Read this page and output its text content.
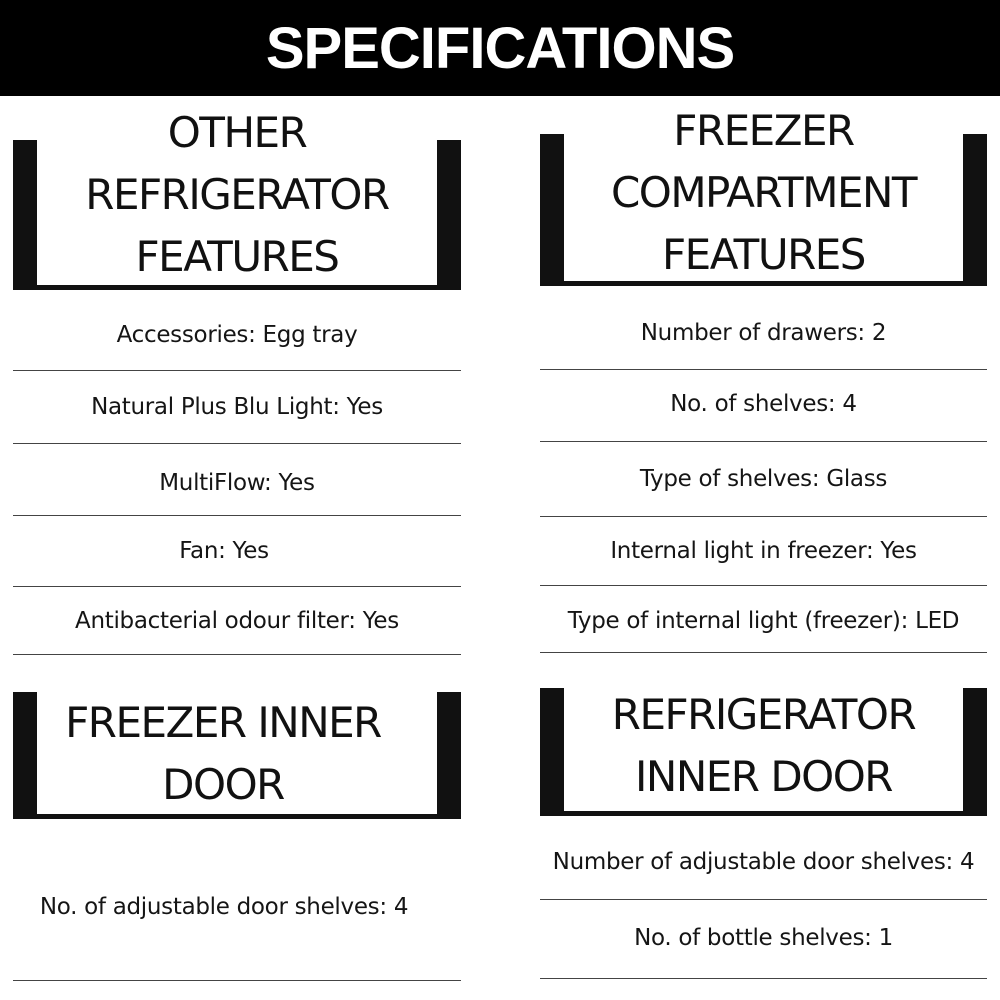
SPECIFICATIONS
OTHER
REFRIGERATOR
FEATURES
Accessories: Egg tray
Natural Plus Blu Light: Yes
MultiFlow: Yes
Fan: Yes
Antibacterial odour filter: Yes
FREEZER
COMPARTMENT
FEATURES
Number of drawers: 2
No. of shelves: 4
Type of shelves: Glass
Internal light in freezer: Yes
Type of internal light (freezer): LED
FREEZER INNER
DOOR
No. of adjustable door shelves: 4
REFRIGERATOR
INNER DOOR
Number of adjustable door shelves: 4
No. of bottle shelves: 1
